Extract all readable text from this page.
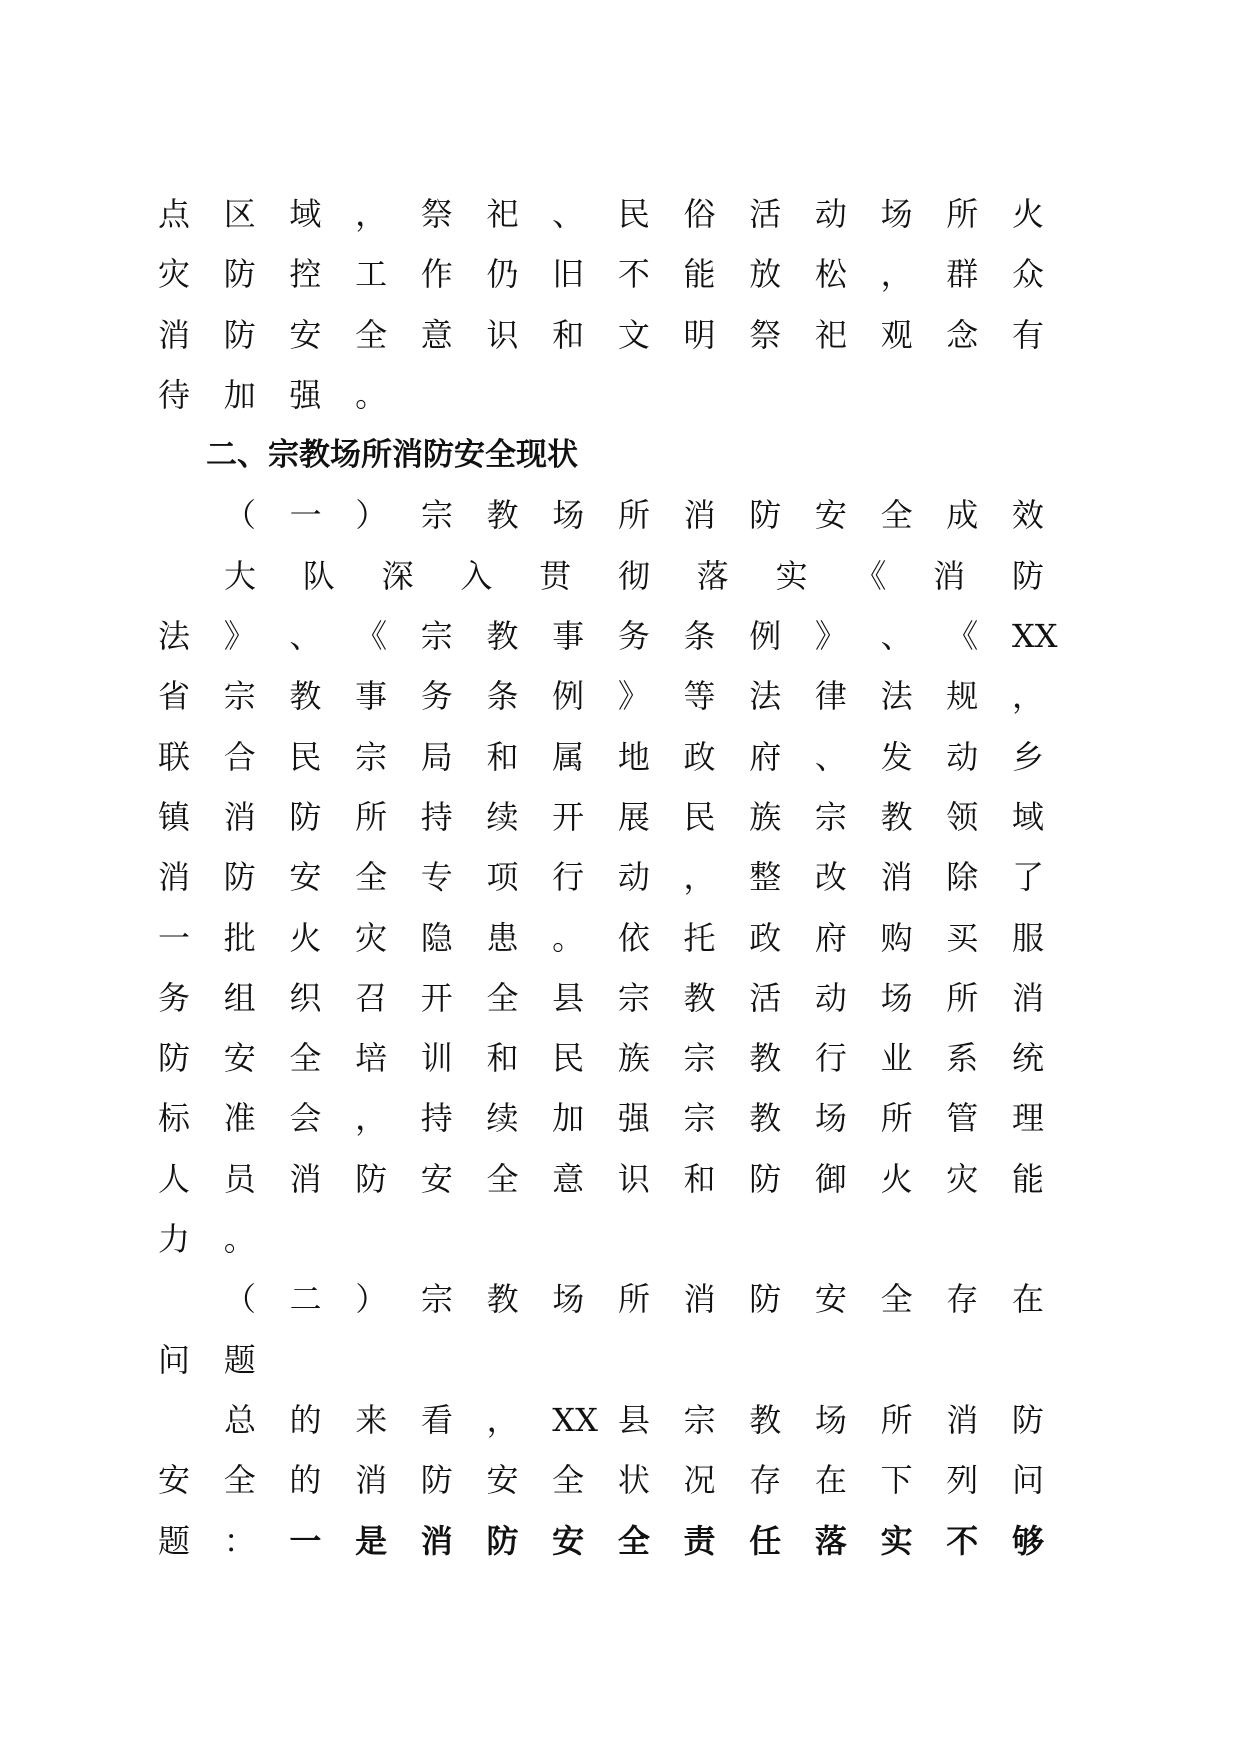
点 区 域 ， 祭 祀 、 民 俗 活 动 场 所 火
灾 防 控 工 作 仍 旧 不 能 放 松 ， 群 众
消 防 安 全 意 识 和 文 明 祭 祀 观 念 有
待 加 强 。
二、宗教场所消防安全现状
（ 一 ） 宗 教 场 所 消 防 安 全 成 效
大 队 深 入 贯 彻 落 实 《 消 防
法 》 、 《 宗 教 事 务 条 例 》 、 《 XX
省 宗 教 事 务 条 例 》 等 法 律 法 规 ，
联 合 民 宗 局 和 属 地 政 府 、 发 动 乡
镇 消 防 所 持 续 开 展 民 族 宗 教 领 域
消 防 安 全 专 项 行 动 ， 整 改 消 除 了
一 批 火 灾 隐 患 。 依 托 政 府 购 买 服
务 组 织 召 开 全 县 宗 教 活 动 场 所 消
防 安 全 培 训 和 民 族 宗 教 行 业 系 统
标 准 会 ， 持 续 加 强 宗 教 场 所 管 理
人 员 消 防 安 全 意 识 和 防 御 火 灾 能
力 。
（ 二 ） 宗 教 场 所 消 防 安 全 存 在
问 题
总 的 来 看 ， XX 县 宗 教 场 所 消 防
安 全 的 消 防 安 全 状 况 存 在 下 列 问
题 ： 一 是 消 防 安 全 责 任 落 实 不 够
